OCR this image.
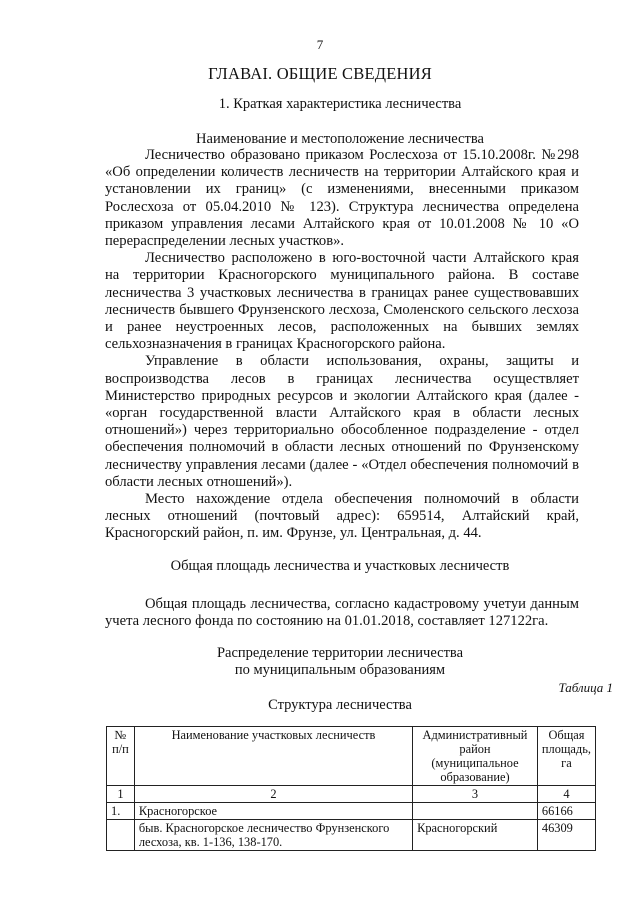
7
ГЛАВАI. ОБЩИЕ СВЕДЕНИЯ
1. Краткая характеристика лесничества
Наименование и местоположение лесничества

Лесничество образовано приказом Рослесхоза от 15.10.2008г. №298 «Об определении количеств лесничеств на территории Алтайского края и установлении их границ» (с изменениями, внесенными приказом Рослесхоза от 05.04.2010 № 123). Структура лесничества определена приказом управления лесами Алтайского края от 10.01.2008 № 10 «О перераспределении лесных участков».

Лесничество расположено в юго-восточной части Алтайского края на территории Красногорского муниципального района. В составе лесничества 3 участковых лесничества в границах ранее существовавших лесничеств бывшего Фрунзенского лесхоза, Смоленского сельского лесхоза и ранее неустроенных лесов, расположенных на бывших землях сельхозназначения в границах Красногорского района.

Управление в области использования, охраны, защиты и воспроизводства лесов в границах лесничества осуществляет Министерство природных ресурсов и экологии Алтайского края (далее - «орган государственной власти Алтайского края в области лесных отношений») через территориально обособленное подразделение - отдел обеспечения полномочий в области лесных отношений по Фрунзенскому лесничеству управления лесами (далее - «Отдел обеспечения полномочий в области лесных отношений»).

Место нахождение отдела обеспечения полномочий в области лесных отношений (почтовый адрес): 659514, Алтайский край, Красногорский район, п. им. Фрунзе, ул. Центральная, д. 44.

Общая площадь лесничества и участковых лесничеств

Общая площадь лесничества, согласно кадастровому учетуи данным учета лесного фонда по состоянию на 01.01.2018, составляет 127122га.

Распределение территории лесничества
по муниципальным образованиям
Таблица 1
Структура лесничества
№ п/п	Наименование участковых лесничеств	Административный район (муниципальное образование)	Общая площадь, га
1	2	3	4
1.	Красногорское		66166
	быв. Красногорское лесничество Фрунзенского лесхоза, кв. 1-136, 138-170.	Красногорский	46309
